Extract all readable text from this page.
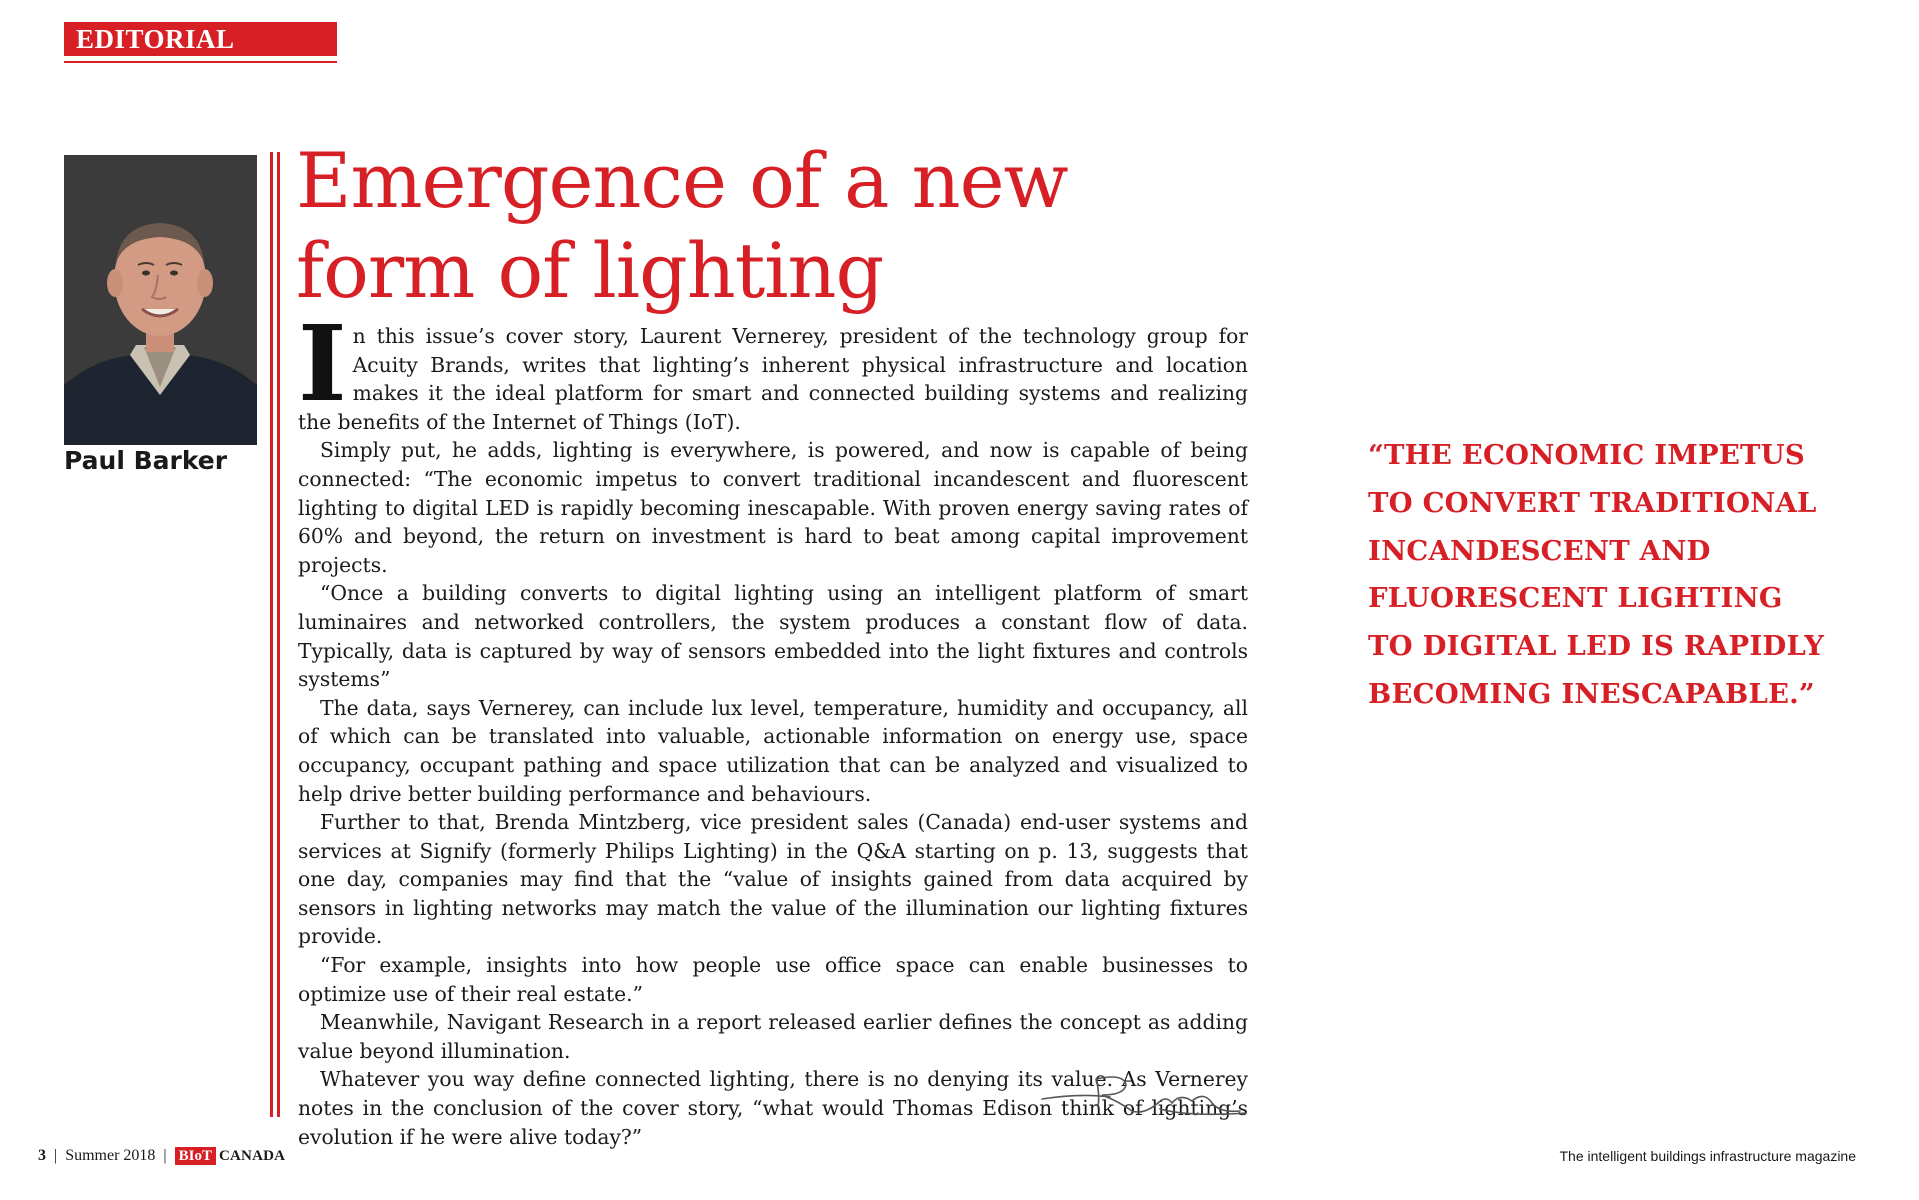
EDITORIAL
Paul Barker
Emergence of a new form of lighting

In this issue’s cover story, Laurent Vernerey, president of the technology group for Acuity Brands, writes that lighting’s inherent physical infrastructure and location makes it the ideal platform for smart and connected building systems and realizing the benefits of the Internet of Things (IoT).

Simply put, he adds, lighting is everywhere, is powered, and now is capable of being connected: “The economic impetus to convert traditional incandescent and fluorescent lighting to digital LED is rapidly becoming inescapable. With proven energy saving rates of 60% and beyond, the return on investment is hard to beat among capital improvement projects.

“Once a building converts to digital lighting using an intelligent platform of smart luminaires and networked controllers, the system produces a constant flow of data. Typically, data is captured by way of sensors embedded into the light fixtures and controls systems”

The data, says Vernerey, can include lux level, temperature, humidity and occupancy, all of which can be translated into valuable, actionable information on energy use, space occupancy, occupant pathing and space utilization that can be analyzed and visualized to help drive better building performance and behaviours.

Further to that, Brenda Mintzberg, vice president sales (Canada) end-user systems and services at Signify (formerly Philips Lighting) in the Q&A starting on p. 13, suggests that one day, companies may find that the “value of insights gained from data acquired by sensors in lighting networks may match the value of the illumination our lighting fixtures provide.

“For example, insights into how people use office space can enable businesses to optimize use of their real estate.”

Meanwhile, Navigant Research in a report released earlier defines the concept as adding value beyond illumination.

Whatever you way define connected lighting, there is no denying its value. As Vernerey notes in the conclusion of the cover story, “what would Thomas Edison think of lighting’s evolution if he were alive today?”

“THE ECONOMIC IMPETUS
TO CONVERT TRADITIONAL
INCANDESCENT AND
FLUORESCENT LIGHTING
TO DIGITAL LED IS RAPIDLY
BECOMING INESCAPABLE.”
3 | Summer 2018 | BIoT CANADA	The intelligent buildings infrastructure magazine
